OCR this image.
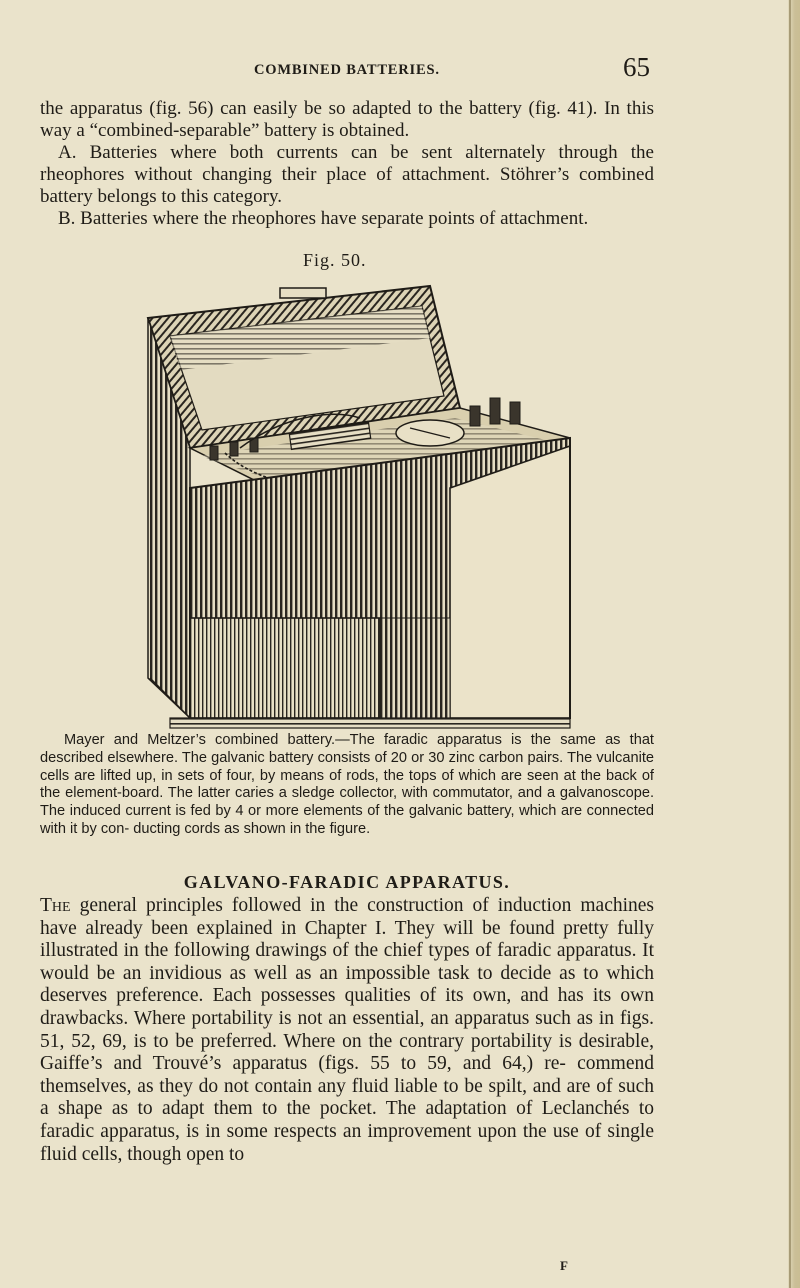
COMBINED BATTERIES.	65

the apparatus (fig. 56) can easily be so adapted to the battery (fig. 41). In this way a “combined-separable” battery is obtained.

A. Batteries where both currents can be sent alternately through the rheophores without changing their place of attachment. Stöhrer’s combined battery belongs to this category.

B. Batteries where the rheophores have separate points of attachment.

Fig. 50.

Mayer and Meltzer’s combined battery.—The faradic apparatus is the same as that described elsewhere. The galvanic battery consists of 20 or 30 zinc carbon pairs. The vulcanite cells are lifted up, in sets of four, by means of rods, the tops of which are seen at the back of the element-board. The latter caries a sledge collector, with commutator, and a galvanoscope. The induced current is fed by 4 or more elements of the galvanic battery, which are connected with it by con- ducting cords as shown in the figure.

GALVANO-FARADIC APPARATUS.

The general principles followed in the construction of induction machines have already been explained in Chapter I. They will be found pretty fully illustrated in the following drawings of the chief types of faradic apparatus. It would be an invidious as well as an impossible task to decide as to which deserves preference. Each possesses qualities of its own, and has its own drawbacks. Where portability is not an essential, an apparatus such as in figs. 51, 52, 69, is to be preferred. Where on the contrary portability is desirable, Gaiffe’s and Trouvé’s apparatus (figs. 55 to 59, and 64,) re- commend themselves, as they do not contain any fluid liable to be spilt, and are of such a shape as to adapt them to the pocket. The adaptation of Leclanchés to faradic apparatus, is in some respects an improvement upon the use of single fluid cells, though open to

F
